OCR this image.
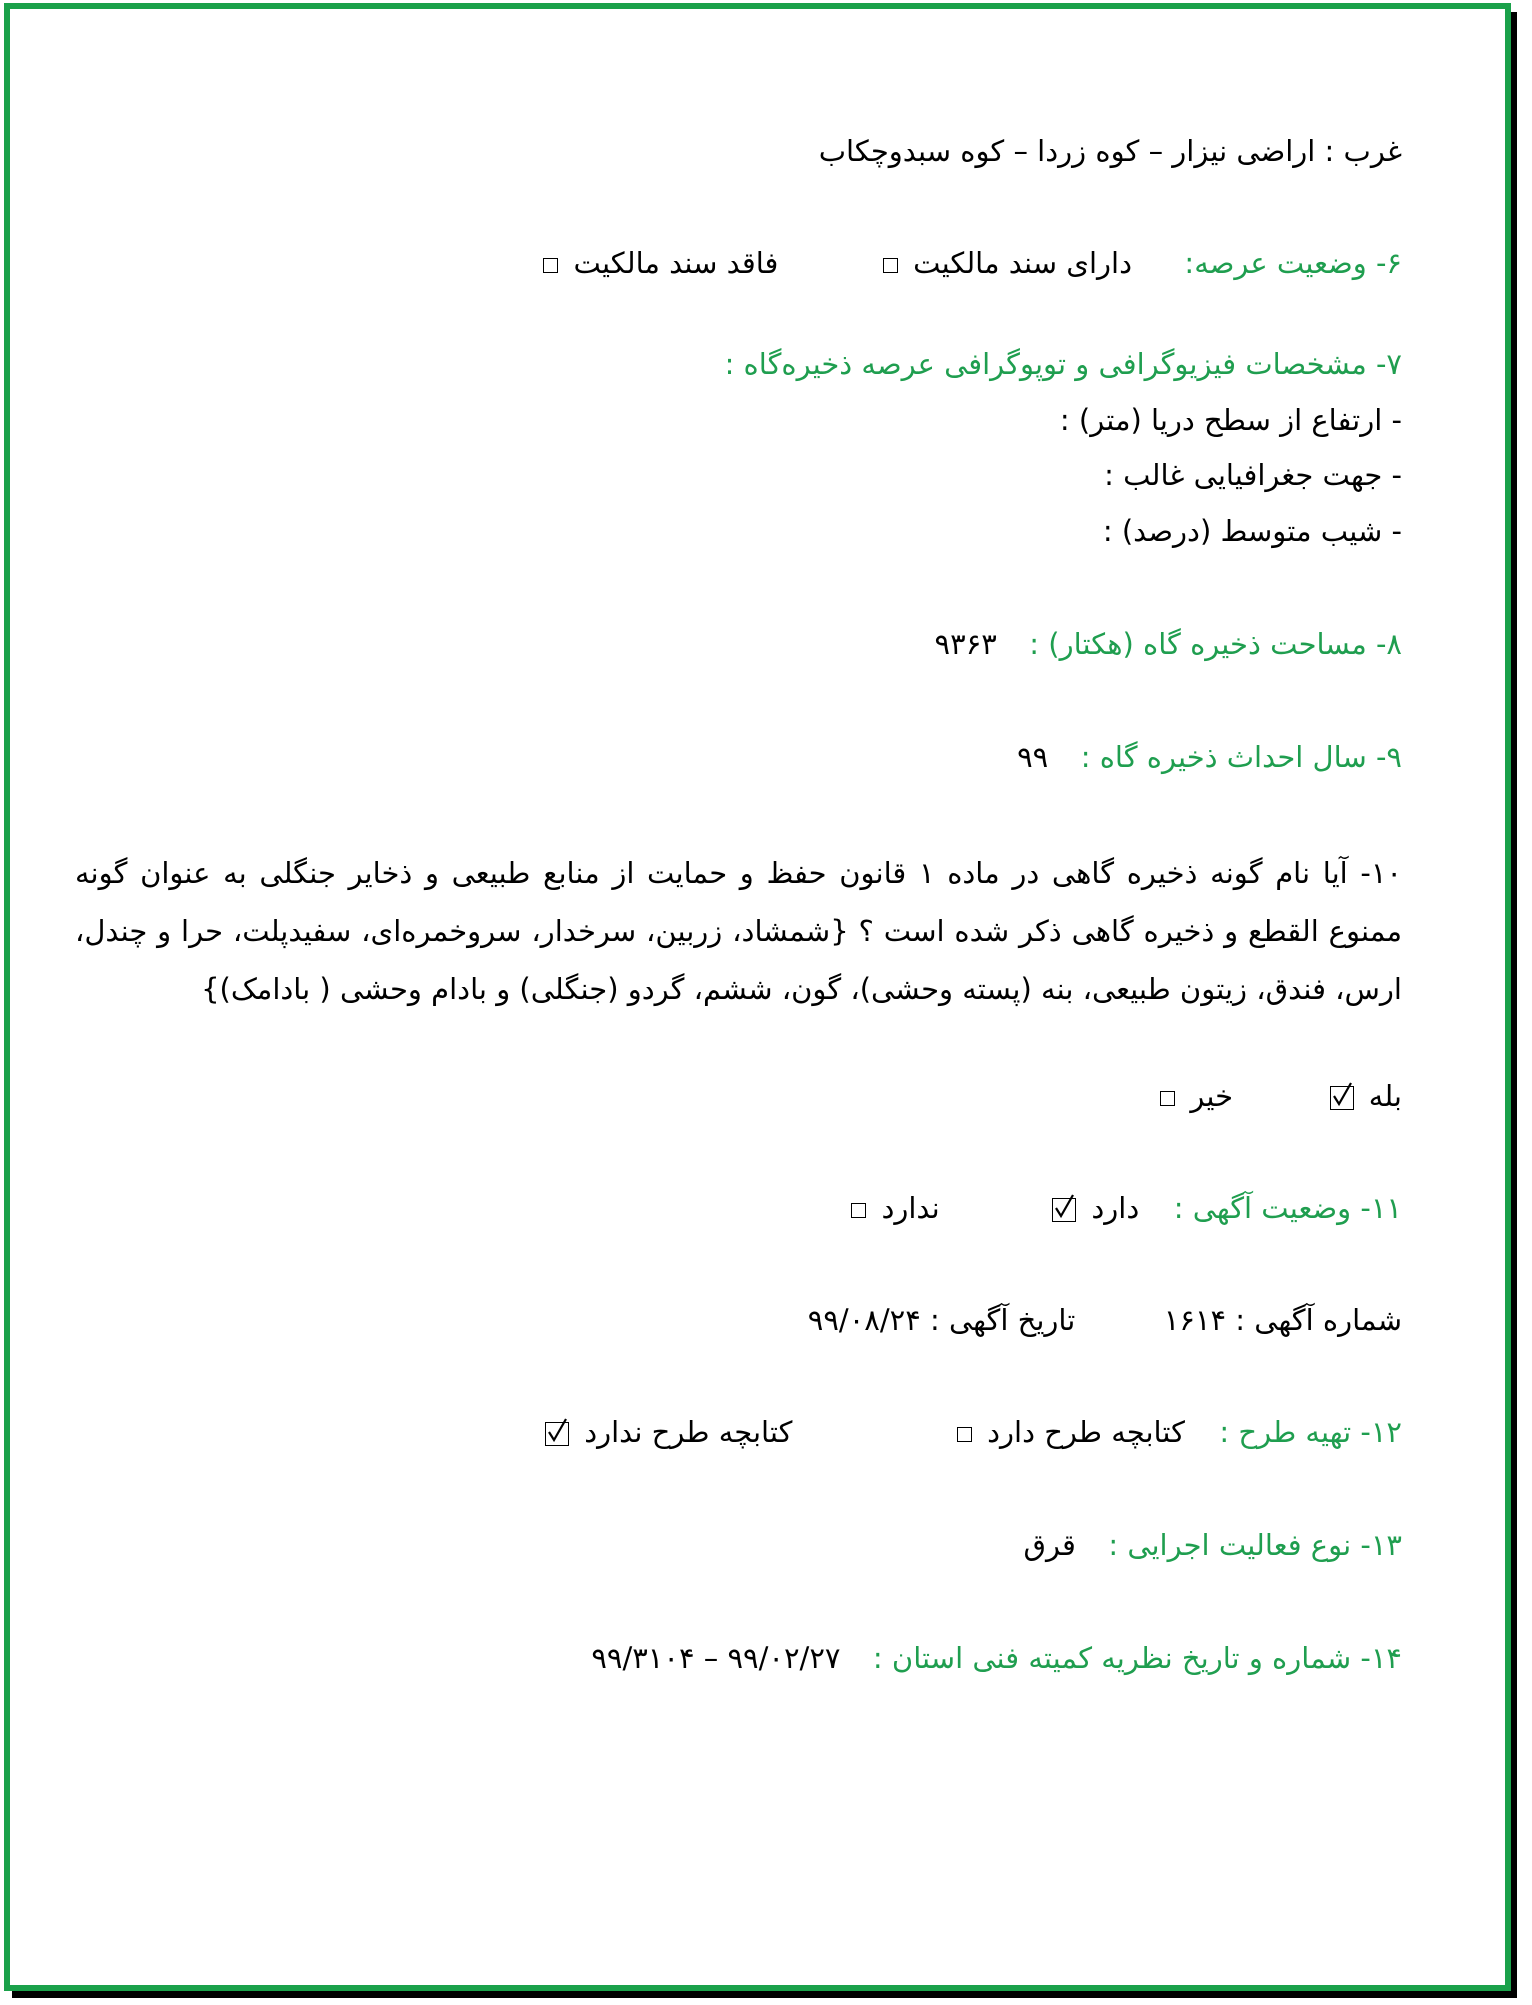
غرب : اراضی نیزار – کوه زردا – کوه سبدوچکاب
۶- وضعیت عرصه:  دارای سند مالکیت   فاقد سند مالکیت
۷- مشخصات فیزیوگرافی و توپوگرافی عرصه ذخیره‌گاه :
- ارتفاع از سطح دریا (متر) :
- جهت جغرافیایی غالب :
- شیب متوسط (درصد) :
۸- مساحت ذخیره گاه (هکتار) :  ۹۳۶۳
۹- سال احداث ذخیره گاه :  ۹۹
۱۰- آیا نام گونه ذخیره گاهی در ماده ۱ قانون حفظ و حمایت از منابع طبیعی و ذخایر جنگلی به عنوان گونه ممنوع القطع و ذخیره گاهی ذکر شده است ؟ {شمشاد، زربین، سرخدار، سروخمره‌ای، سفیدپلت، حرا و چندل، ارس، فندق، زیتون طبیعی، بنه (پسته وحشی)، گون، ششم، گردو (جنگلی) و بادام وحشی ( بادامک)}
بله
خیر
۱۱- وضعیت آگهی :  دارد
ندارد
شماره آگهی : ۱۶۱۴  تاریخ آگهی : ۹۹/۰۸/۲۴
۱۲- تهیه طرح :  کتابچه طرح دارد   کتابچه طرح ندارد
۱۳- نوع فعالیت اجرایی :  قرق
۱۴- شماره و تاریخ نظریه کمیته فنی استان :  ۹۹/۳۱۰۴ – ۹۹/۰۲/۲۷
